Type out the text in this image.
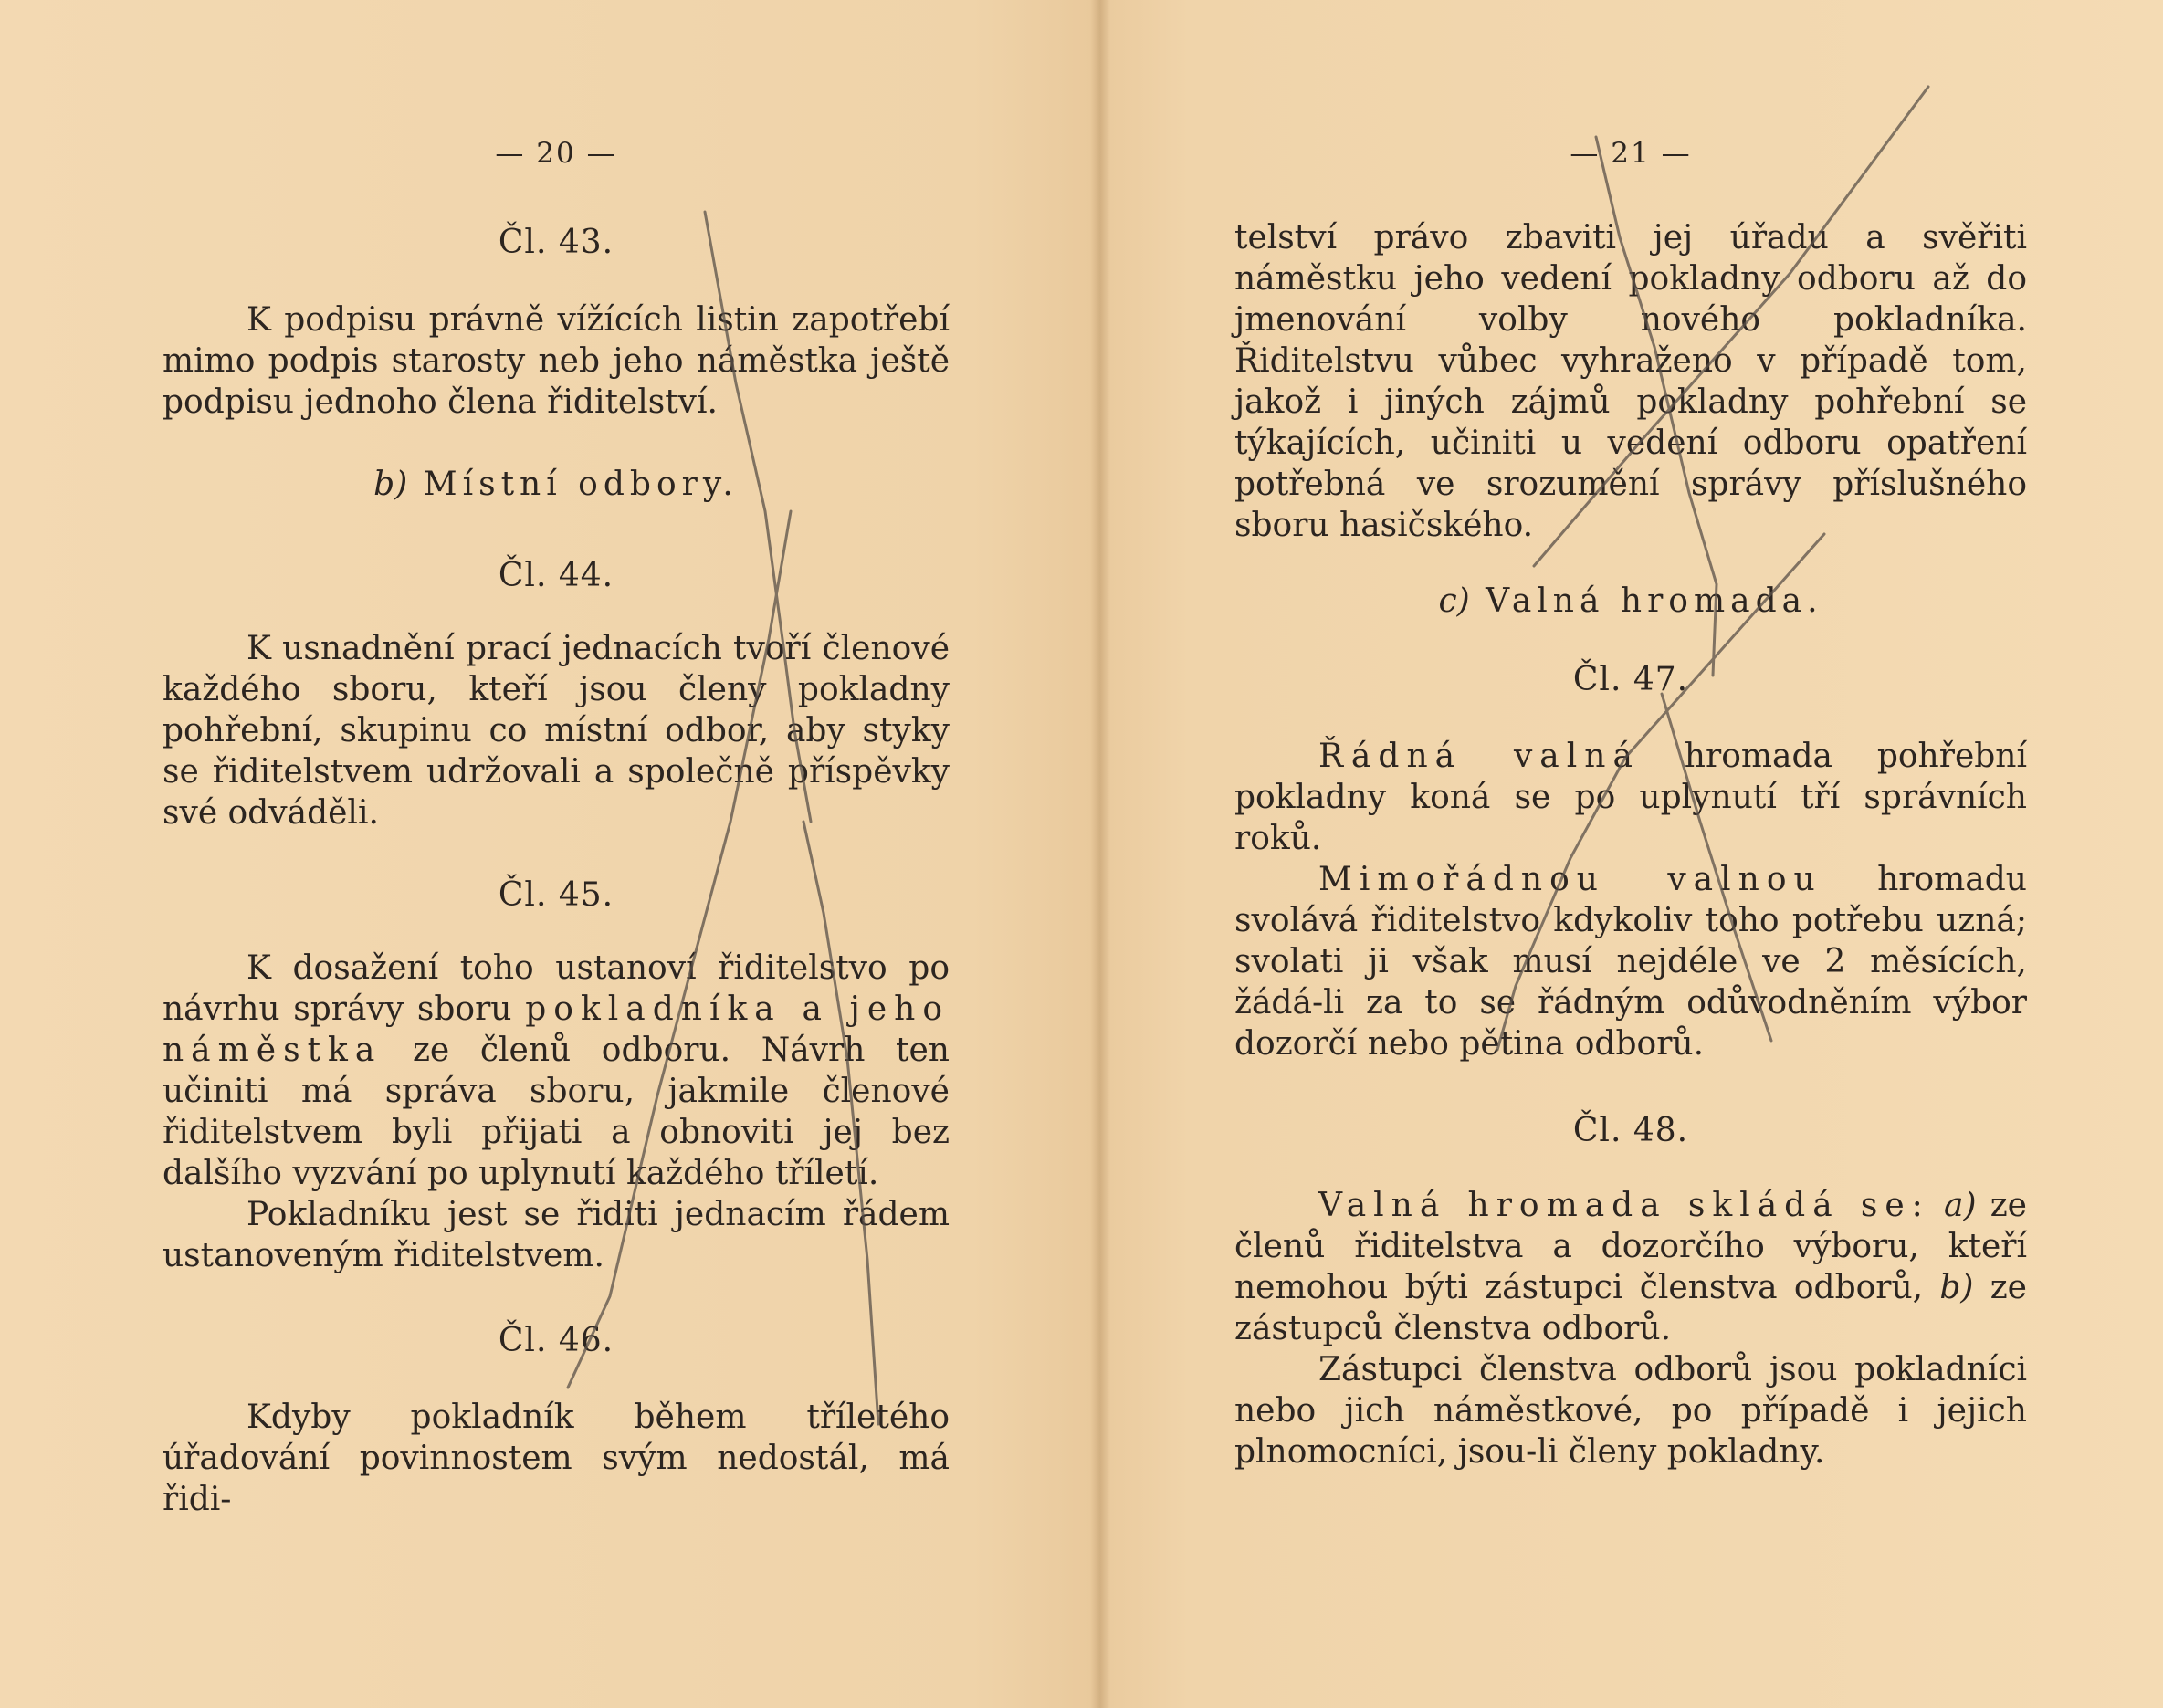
— 20 —
Čl. 43.
K podpisu právně vížících listin zapotřebí mimo podpis starosty neb jeho náměstka ještě podpisu jednoho člena řiditelství.
b) Místní odbory.
Čl. 44.
K usnadnění prací jednacích tvoří členové každého sboru, kteří jsou členy pokladny pohřební, skupinu co místní odbor, aby styky se řiditelstvem udržovali a společně příspěvky své odváděli.
Čl. 45.

K dosažení toho ustanoví řiditelstvo po návrhu správy sboru pokladníka a jeho náměstka ze členů odboru. Návrh ten učiniti má správa sboru, jakmile členové řiditelstvem byli přijati a obnoviti jej bez dalšího vyzvání po uplynutí každého tříletí.

Pokladníku jest se řiditi jednacím řádem ustanoveným řiditelstvem.

Čl. 46.
Kdyby pokladník během tříletého úřadování povinnostem svým nedostál, má řidi-
— 21 —
telství právo zbaviti jej úřadu a svěřiti náměstku jeho vedení pokladny odboru až do jmenování volby nového pokladníka. Řiditelstvu vůbec vyhraženo v případě tom, jakož i jiných zájmů pokladny pohřební se týkajících, učiniti u vedení odboru opatření potřebná ve srozumění správy příslušného sboru hasičského.
c) Valná hromada.
Čl. 47.

Řádná valná hromada pohřební pokladny koná se po uplynutí tří správních roků.

Mimořádnou valnou hromadu svolává řiditelstvo kdykoliv toho potřebu uzná; svolati ji však musí nejdéle ve 2 měsících, žádá-li za to se řádným odůvodněním výbor dozorčí nebo pětina odborů.

Čl. 48.

Valná hromada skládá se: a) ze členů řiditelstva a dozorčího výboru, kteří nemohou býti zástupci členstva odborů, b) ze zástupců členstva odborů.

Zástupci členstva odborů jsou pokladníci nebo jich náměstkové, po případě i jejich plnomocníci, jsou-li členy pokladny.
